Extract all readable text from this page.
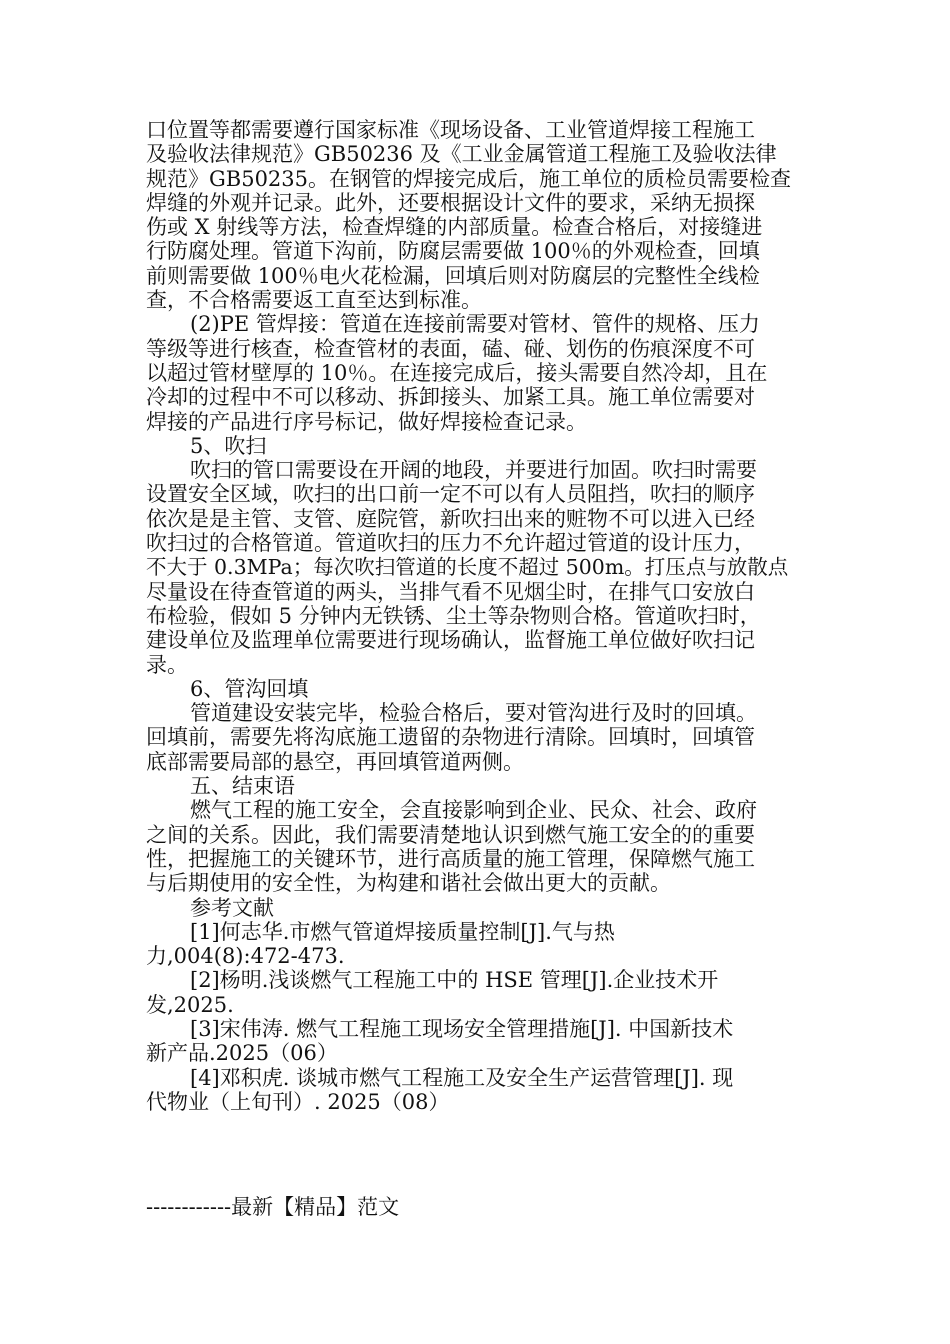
口位置等都需要遵行国家标准《现场设备、工业管道焊接工程施工
及验收法律规范》GB50236 及《工业金属管道工程施工及验收法律
规范》GB50235。在钢管的焊接完成后，施工单位的质检员需要检查
焊缝的外观并记录。此外，还要根据设计文件的要求，采纳无损探
伤或 X 射线等方法，检查焊缝的内部质量。检查合格后，对接缝进
行防腐处理。管道下沟前，防腐层需要做 100％的外观检查，回填
前则需要做 100％电火花检漏，回填后则对防腐层的完整性全线检
查，不合格需要返工直至达到标准。
(2)PE 管焊接：管道在连接前需要对管材、管件的规格、压力
等级等进行核查，检查管材的表面，磕、碰、划伤的伤痕深度不可
以超过管材壁厚的 10％。在连接完成后，接头需要自然冷却，且在
冷却的过程中不可以移动、拆卸接头、加紧工具。施工单位需要对
焊接的产品进行序号标记，做好焊接检查记录。
5、吹扫
吹扫的管口需要设在开阔的地段，并要进行加固。吹扫时需要
设置安全区域，吹扫的出口前一定不可以有人员阻挡，吹扫的顺序
依次是是主管、支管、庭院管，新吹扫出来的赃物不可以进入已经
吹扫过的合格管道。管道吹扫的压力不允许超过管道的设计压力，
不大于 0.3MPa；每次吹扫管道的长度不超过 500m。打压点与放散点
尽量设在待查管道的两头，当排气看不见烟尘时，在排气口安放白
布检验，假如 5 分钟内无铁锈、尘土等杂物则合格。管道吹扫时，
建设单位及监理单位需要进行现场确认，监督施工单位做好吹扫记
录。
6、管沟回填
管道建设安装完毕，检验合格后，要对管沟进行及时的回填。
回填前，需要先将沟底施工遗留的杂物进行清除。回填时，回填管
底部需要局部的悬空，再回填管道两侧。
五、结束语
燃气工程的施工安全，会直接影响到企业、民众、社会、政府
之间的关系。因此，我们需要清楚地认识到燃气施工安全的的重要
性，把握施工的关键环节，进行高质量的施工管理，保障燃气施工
与后期使用的安全性，为构建和谐社会做出更大的贡献。
参考文献
[1]何志华.市燃气管道焊接质量控制[J].气与热
力,004(8):472-473.
[2]杨明.浅谈燃气工程施工中的 HSE 管理[J].企业技术开
发,2025.
[3]宋伟涛. 燃气工程施工现场安全管理措施[J]. 中国新技术
新产品.2025（06）
[4]邓积虎. 谈城市燃气工程施工及安全生产运营管理[J]. 现
代物业（上旬刊）. 2025（08）
------------最新【精品】范文
